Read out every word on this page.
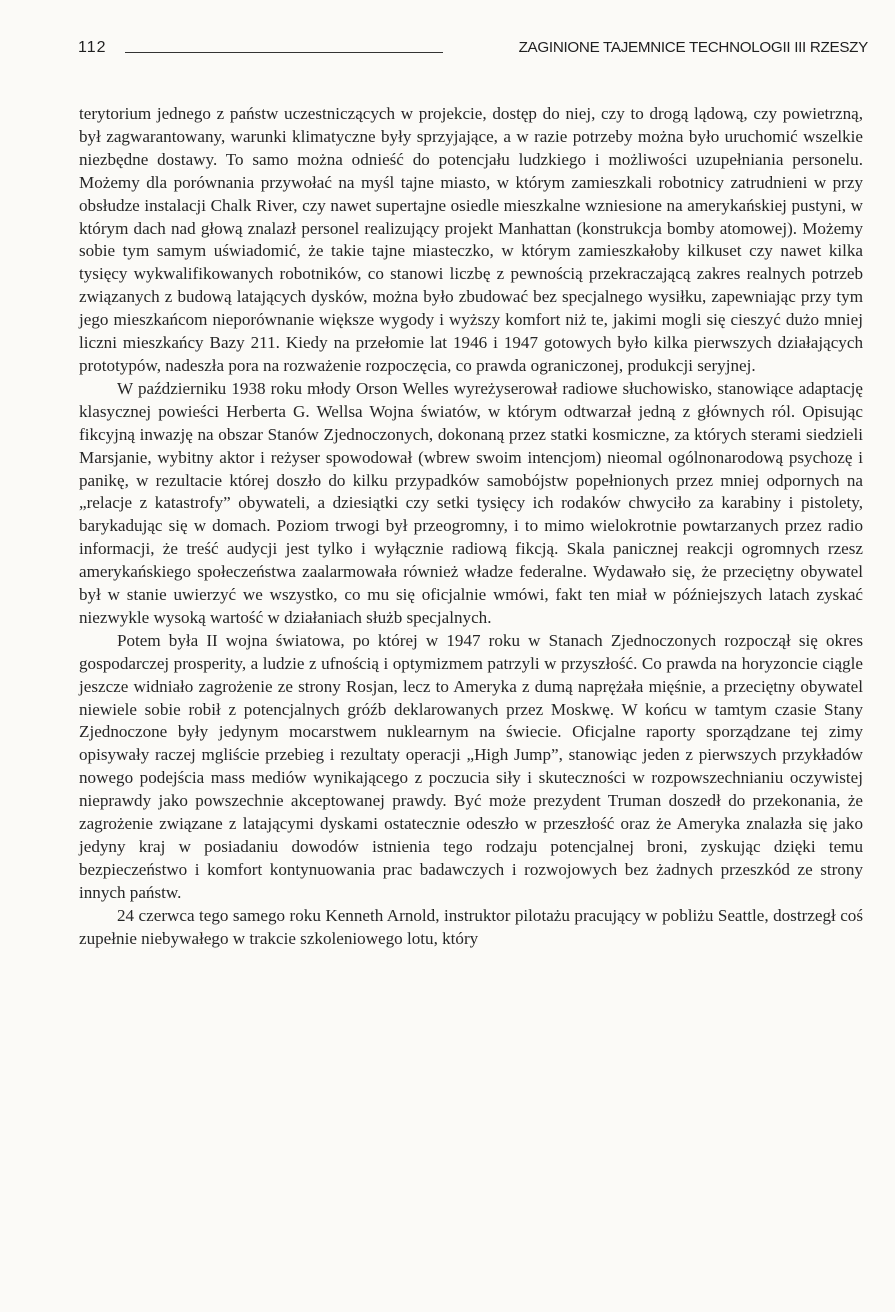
112	ZAGINIONE TAJEMNICE TECHNOLOGII III RZESZY

terytorium jednego z państw uczestniczących w projekcie, dostęp do niej, czy to drogą lądową, czy powietrzną, był zagwarantowany, warunki klimatyczne były sprzyjające, a w razie potrzeby można było uruchomić wszelkie niezbędne dostawy. To samo można odnieść do potencjału ludzkiego i możliwości uzupełniania personelu. Możemy dla porównania przywołać na myśl tajne miasto, w którym zamieszkali robotnicy zatrudnieni w przy obsłudze instalacji Chalk River, czy nawet supertajne osiedle mieszkalne wzniesione na amerykańskiej pustyni, w którym dach nad głową znalazł personel realizujący projekt Manhattan (konstrukcja bomby atomowej). Możemy sobie tym samym uświadomić, że takie tajne miasteczko, w którym zamieszkałoby kilkuset czy nawet kilka tysięcy wykwalifikowanych robotników, co stanowi liczbę z pewnością przekraczającą zakres realnych potrzeb związanych z budową latających dysków, można było zbudować bez specjalnego wysiłku, zapewniając przy tym jego mieszkańcom nieporównanie większe wygody i wyższy komfort niż te, jakimi mogli się cieszyć dużo mniej liczni mieszkańcy Bazy 211. Kiedy na przełomie lat 1946 i 1947 gotowych było kilka pierwszych działających prototypów, nadeszła pora na rozważenie rozpoczęcia, co prawda ograniczonej, produkcji seryjnej.

W październiku 1938 roku młody Orson Welles wyreżyserował radiowe słuchowisko, stanowiące adaptację klasycznej powieści Herberta G. Wellsa Wojna światów, w którym odtwarzał jedną z głównych ról. Opisując fikcyjną inwazję na obszar Stanów Zjednoczonych, dokonaną przez statki kosmiczne, za których sterami siedzieli Marsjanie, wybitny aktor i reżyser spowodował (wbrew swoim intencjom) nieomal ogólnonarodową psychozę i panikę, w rezultacie której doszło do kilku przypadków samobójstw popełnionych przez mniej odpornych na „relacje z katastrofy” obywateli, a dziesiątki czy setki tysięcy ich rodaków chwyciło za karabiny i pistolety, barykadując się w domach. Poziom trwogi był przeogromny, i to mimo wielokrotnie powtarzanych przez radio informacji, że treść audycji jest tylko i wyłącznie radiową fikcją. Skala panicznej reakcji ogromnych rzesz amerykańskiego społeczeństwa zaalarmowała również władze federalne. Wydawało się, że przeciętny obywatel był w stanie uwierzyć we wszystko, co mu się oficjalnie wmówi, fakt ten miał w późniejszych latach zyskać niezwykle wysoką wartość w działaniach służb specjalnych.

Potem była II wojna światowa, po której w 1947 roku w Stanach Zjednoczonych rozpoczął się okres gospodarczej prosperity, a ludzie z ufnością i optymizmem patrzyli w przyszłość. Co prawda na horyzoncie ciągle jeszcze widniało zagrożenie ze strony Rosjan, lecz to Ameryka z dumą naprężała mięśnie, a przeciętny obywatel niewiele sobie robił z potencjalnych gróźb deklarowanych przez Moskwę. W końcu w tamtym czasie Stany Zjednoczone były jedynym mocarstwem nuklearnym na świecie. Oficjalne raporty sporządzane tej zimy opisywały raczej mgliście przebieg i rezultaty operacji „High Jump”, stanowiąc jeden z pierwszych przykładów nowego podejścia mass mediów wynikającego z poczucia siły i skuteczności w rozpowszechnianiu oczywistej nieprawdy jako powszechnie akceptowanej prawdy. Być może prezydent Truman doszedł do przekonania, że zagrożenie związane z latającymi dyskami ostatecznie odeszło w przeszłość oraz że Ameryka znalazła się jako jedyny kraj w posiadaniu dowodów istnienia tego rodzaju potencjalnej broni, zyskując dzięki temu bezpieczeństwo i komfort kontynuowania prac badawczych i rozwojowych bez żadnych przeszkód ze strony innych państw.

24 czerwca tego samego roku Kenneth Arnold, instruktor pilotażu pracujący w pobliżu Seattle, dostrzegł coś zupełnie niebywałego w trakcie szkoleniowego lotu, który
